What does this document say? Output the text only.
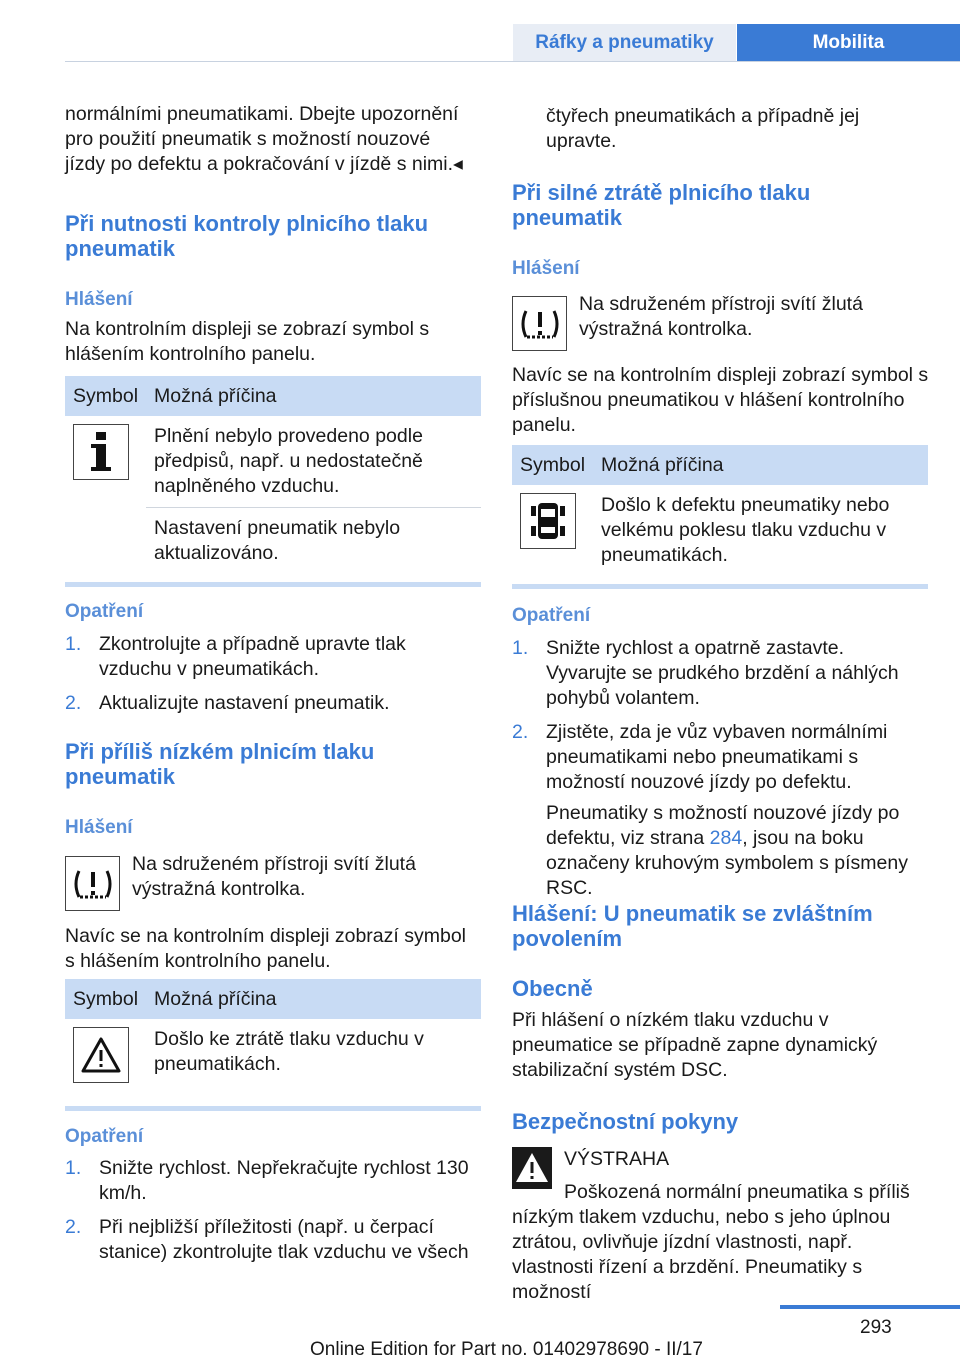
Ráfky a pneumatiky	Mobilita

normálními pneumatikami. Dbejte upozornění pro použití pneumatik s možností nouzové jízdy po defektu a pokračování v jízdě s nimi.◂

Při nutnosti kontroly plnicího tlaku pneumatik
Hlášení

Na kontrolním displeji se zobrazí symbol s hlášením kontrolního panelu.

Symbol	Možná příčina

	Plnění nebylo provedeno podle předpisů, např. u nedostatečně naplněného vzduchu.
	Nastavení pneumatik nebylo aktualizováno.
Opatření
1. Zkontrolujte a případně upravte tlak vzduchu v pneumatikách.
2. Aktualizujte nastavení pneumatik.
Při příliš nízkém plnicím tlaku pneumatik
Hlášení

Na sdruženém přístroji svítí žlutá výstražná kontrolka.

Navíc se na kontrolním displeji zobrazí symbol s hlášením kontrolního panelu.

Symbol	Možná příčina

	Došlo ke ztrátě tlaku vzduchu v pneumatikách.
Opatření
1. Snižte rychlost. Nepřekračujte rychlost 130 km/h.
2. Při nejbližší příležitosti (např. u čerpací stanice) zkontrolujte tlak vzduchu ve všech

čtyřech pneumatikách a případně jej upravte.

Při silné ztrátě plnicího tlaku pneumatik
Hlášení

Na sdruženém přístroji svítí žlutá výstražná kontrolka.

Navíc se na kontrolním displeji zobrazí symbol s příslušnou pneumatikou v hlášení kontrolního panelu.

Symbol	Možná příčina

	Došlo k defektu pneumatiky nebo velkému poklesu tlaku vzduchu v pneumatikách.
Opatření
1. Snižte rychlost a opatrně zastavte. Vyvarujte se prudkého brzdění a náhlých pohybů volantem.
2. Zjistěte, zda je vůz vybaven normálními pneumatikami nebo pneumatikami s možností nouzové jízdy po defektu.

Pneumatiky s možností nouzové jízdy po defektu, viz strana 284, jsou na boku označeny kruhovým symbolem s písmeny RSC.

Hlášení: U pneumatik se zvláštním povolením
Obecně

Při hlášení o nízkém tlaku vzduchu v pneumatice se případně zapne dynamický stabilizační systém DSC.

Bezpečnostní pokyny
VÝSTRAHA
Poškozená normální pneumatika s příliš

nízkým tlakem vzduchu, nebo s jeho úplnou ztrátou, ovlivňuje jízdní vlastnosti, např. vlastnosti řízení a brzdění. Pneumatiky s možností

293
Online Edition for Part no. 01402978690 - II/17
